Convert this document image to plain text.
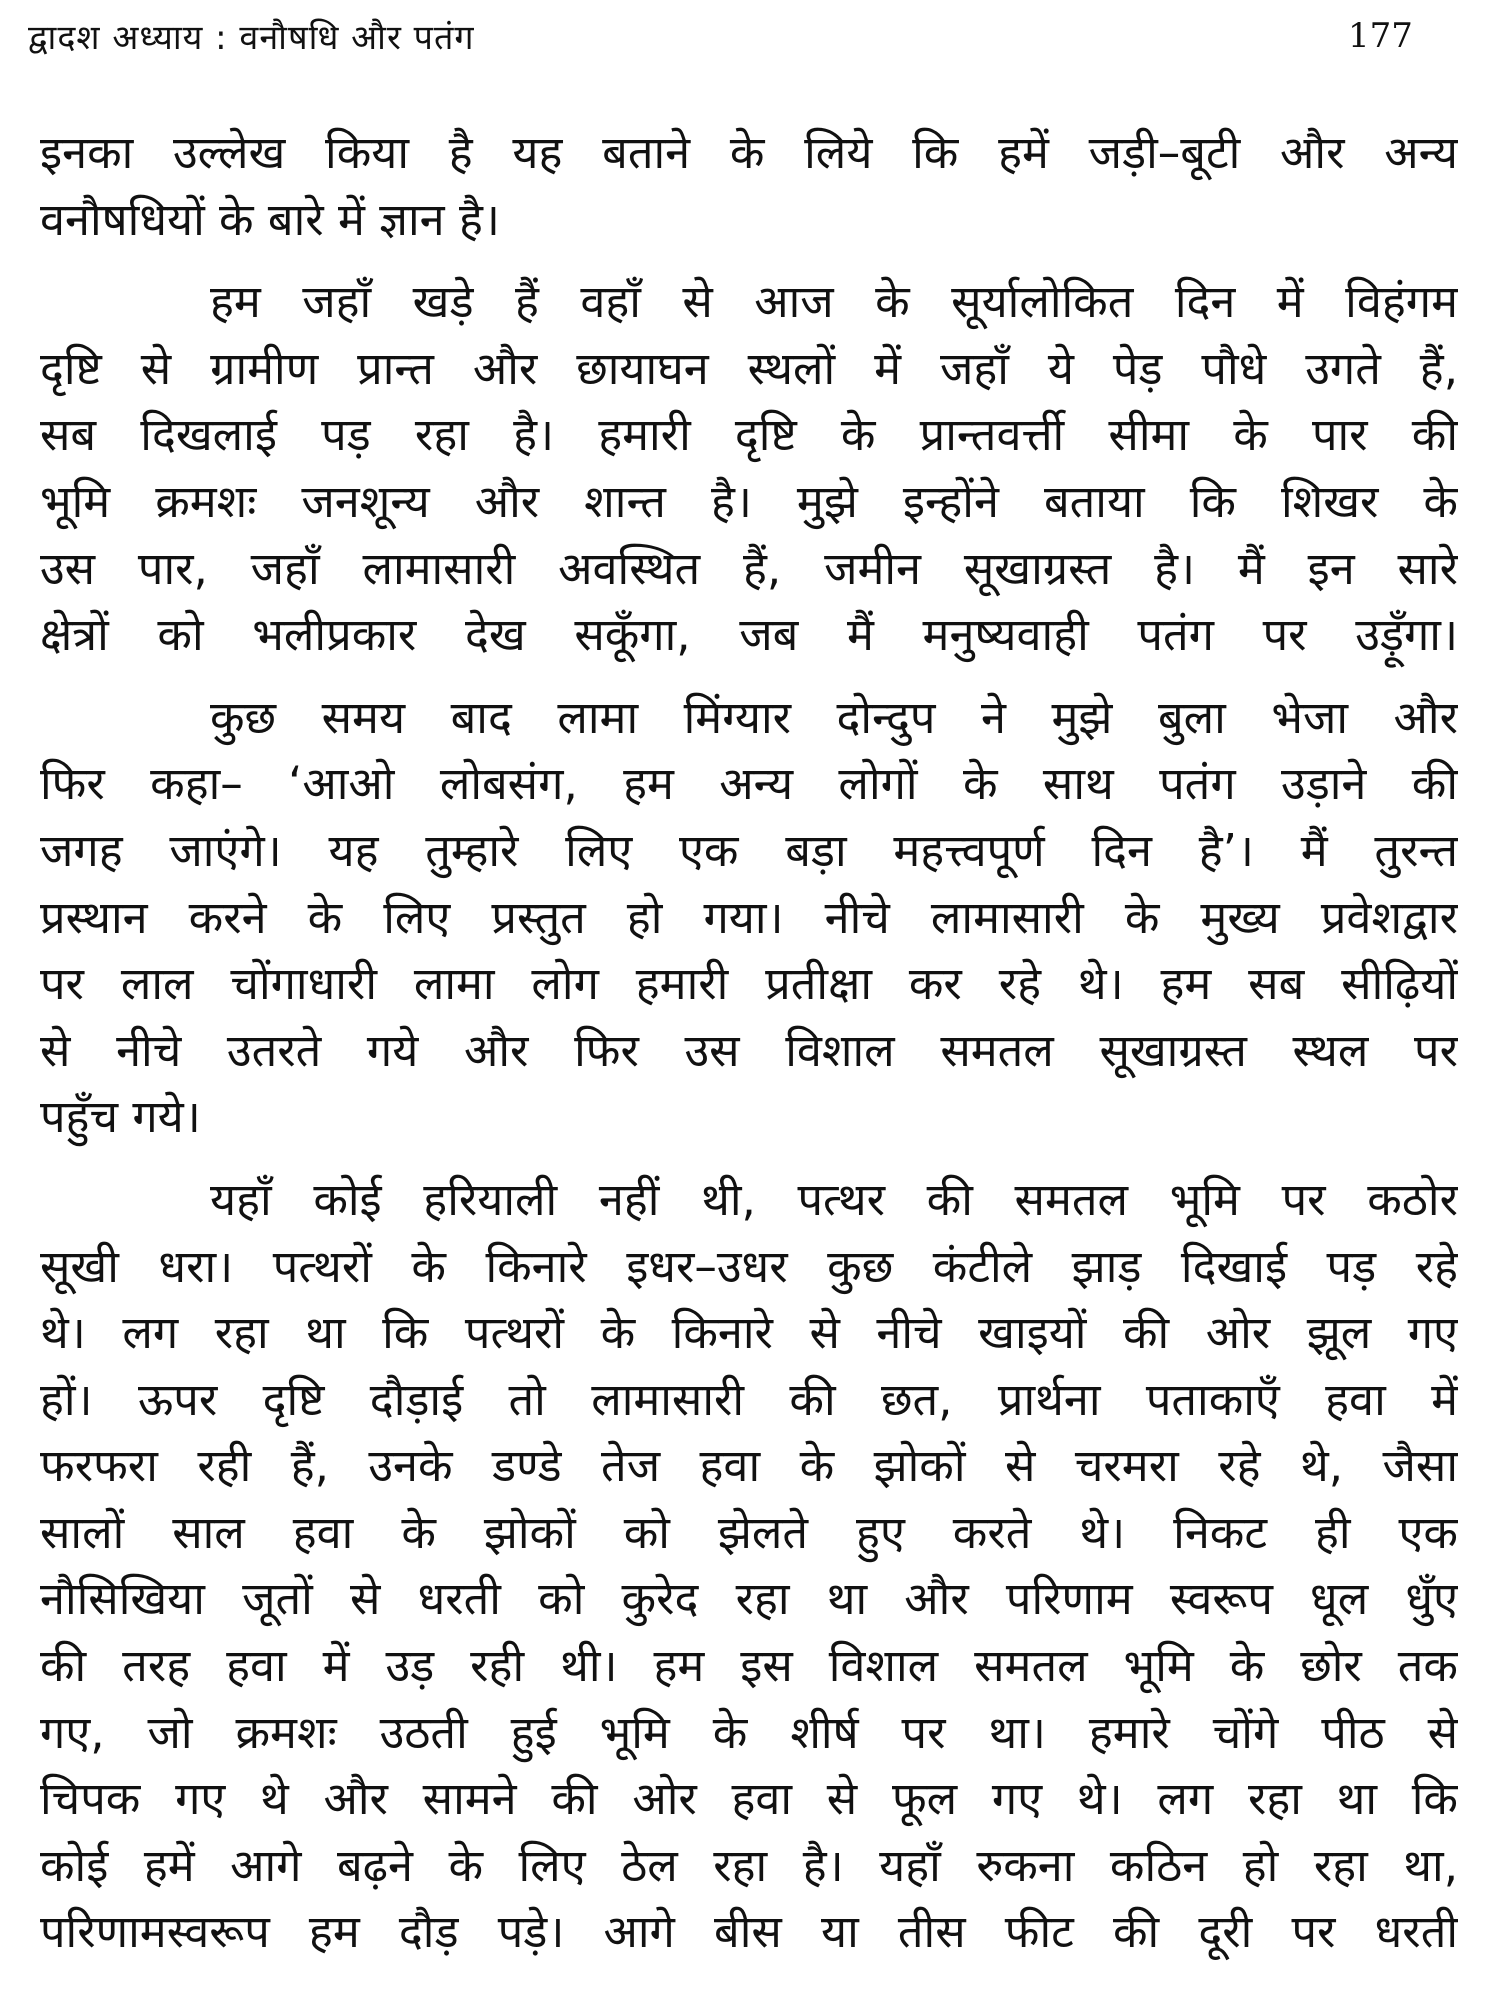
द्वादश अध्याय : वनौषधि और पतंग	177
इनका उल्लेख किया है यह बताने के लिये कि हमें जड़ी–बूटी और अन्य
वनौषधियों के बारे में ज्ञान है।
हम जहाँ खड़े हैं वहाँ से आज के सूर्यालोकित दिन में विहंगम
दृष्टि से ग्रामीण प्रान्त और छायाघन स्थलों में जहाँ ये पेड़ पौधे उगते हैं,
सब दिखलाई पड़ रहा है। हमारी दृष्टि के प्रान्तवर्त्ती सीमा के पार की
भूमि क्रमशः जनशून्य और शान्त है। मुझे इन्होंने बताया कि शिखर के
उस पार, जहाँ लामासारी अवस्थित हैं, जमीन सूखाग्रस्त है। मैं इन सारे
क्षेत्रों को भलीप्रकार देख सकूँगा, जब मैं मनुष्यवाही पतंग पर उड़ूँगा।
कुछ समय बाद लामा मिंग्यार दोन्दुप ने मुझे बुला भेजा और
फिर कहा– ‘आओ लोबसंग, हम अन्य लोगों के साथ पतंग उड़ाने की
जगह जाएंगे। यह तुम्हारे लिए एक बड़ा महत्त्वपूर्ण दिन है’। मैं तुरन्त
प्रस्थान करने के लिए प्रस्तुत हो गया। नीचे लामासारी के मुख्य प्रवेशद्वार
पर लाल चोंगाधारी लामा लोग हमारी प्रतीक्षा कर रहे थे। हम सब सीढ़ियों
से नीचे उतरते गये और फिर उस विशाल समतल सूखाग्रस्त स्थल पर
पहुँच गये।
यहाँ कोई हरियाली नहीं थी, पत्थर की समतल भूमि पर कठोर
सूखी धरा। पत्थरों के किनारे इधर–उधर कुछ कंटीले झाड़ दिखाई पड़ रहे
थे। लग रहा था कि पत्थरों के किनारे से नीचे खाइयों की ओर झूल गए
हों। ऊपर दृष्टि दौड़ाई तो लामासारी की छत, प्रार्थना पताकाएँ हवा में
फरफरा रही हैं, उनके डण्डे तेज हवा के झोकों से चरमरा रहे थे, जैसा
सालों साल हवा के झोकों को झेलते हुए करते थे। निकट ही एक
नौसिखिया जूतों से धरती को कुरेद रहा था और परिणाम स्वरूप धूल धुँए
की तरह हवा में उड़ रही थी। हम इस विशाल समतल भूमि के छोर तक
गए, जो क्रमशः उठती हुई भूमि के शीर्ष पर था। हमारे चोंगे पीठ से
चिपक गए थे और सामने की ओर हवा से फूल गए थे। लग रहा था कि
कोई हमें आगे बढ़ने के लिए ठेल रहा है। यहाँ रुकना कठिन हो रहा था,
परिणामस्वरूप हम दौड़ पड़े। आगे बीस या तीस फीट की दूरी पर धरती
